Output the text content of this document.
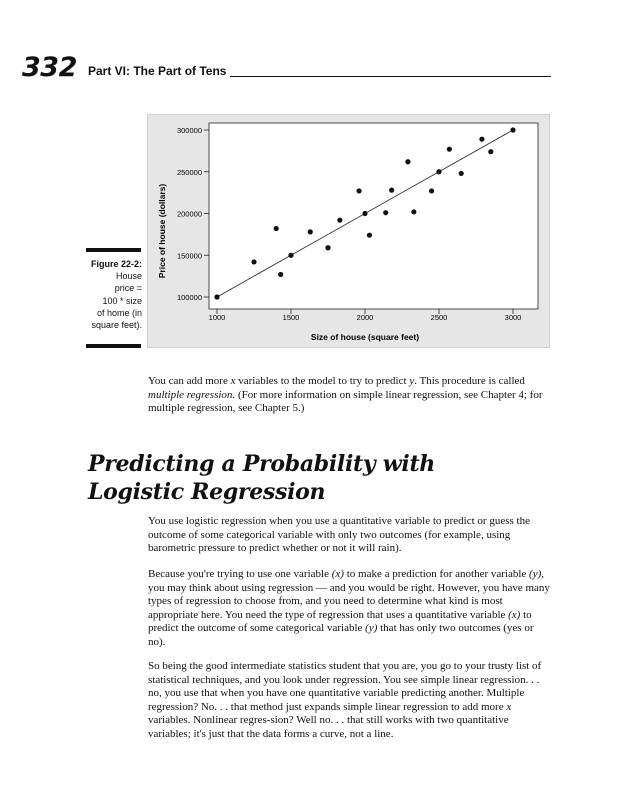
332 Part VI: The Part of Tens
100000
150000
200000
250000
300000
1000	1500	2000	2500	3000
Size of house (square feet)
Price of house (dollars)
Figure 22-2:
House
price =
100 * size
of home (in
square feet).

You can add more x variables to the model to try to predict y. This procedure is called multiple regression. (For more information on simple linear regression, see Chapter 4; for multiple regression, see Chapter 5.)

Predicting a Probability with
Logistic Regression

You use logistic regression when you use a quantitative variable to predict or guess the outcome of some categorical variable with only two outcomes (for example, using barometric pressure to predict whether or not it will rain).

Because you're trying to use one variable (x) to make a prediction for another variable (y), you may think about using regression — and you would be right. However, you have many types of regression to choose from, and you need to determine what kind is most appropriate here. You need the type of regression that uses a quantitative variable (x) to predict the outcome of some categorical variable (y) that has only two outcomes (yes or no).

So being the good intermediate statistics student that you are, you go to your trusty list of statistical techniques, and you look under regression. You see simple linear regression. . . no, you use that when you have one quantitative variable predicting another. Multiple regression? No. . . that method just expands simple linear regression to add more x variables. Nonlinear regres-sion? Well no. . . that still works with two quantitative variables; it's just that the data forms a curve, not a line.
